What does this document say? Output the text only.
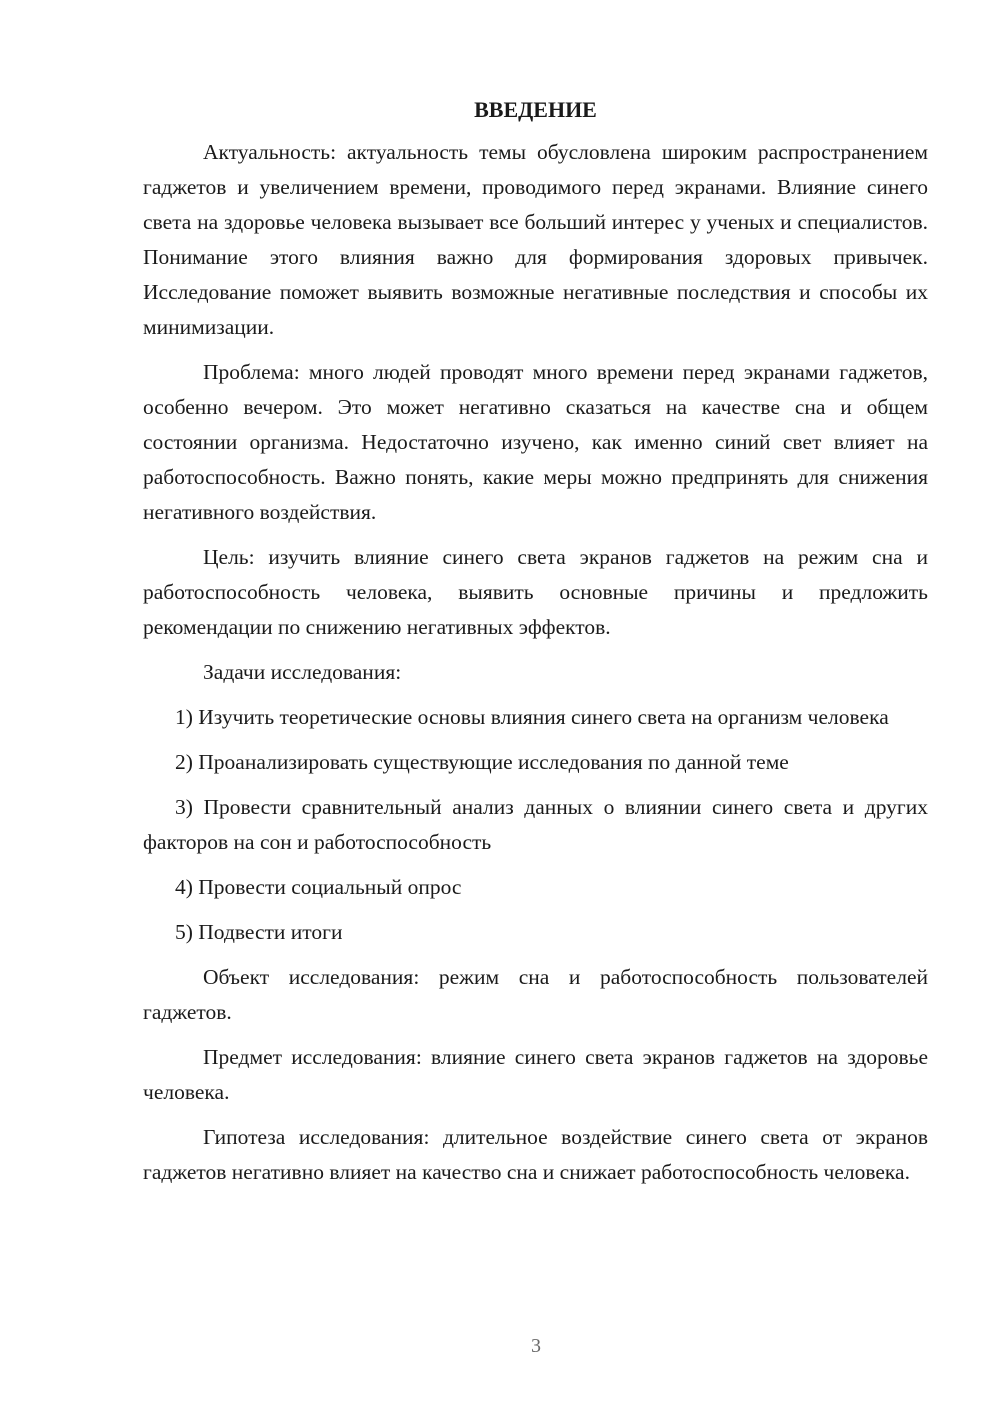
ВВЕДЕНИЕ

Актуальность: актуальность темы обусловлена широким распространением гаджетов и увеличением времени, проводимого перед экранами. Влияние синего света на здоровье человека вызывает все больший интерес у ученых и специалистов. Понимание этого влияния важно для формирования здоровых привычек. Исследование поможет выявить возможные негативные последствия и способы их минимизации.

Проблема: много людей проводят много времени перед экранами гаджетов, особенно вечером. Это может негативно сказаться на качестве сна и общем состоянии организма. Недостаточно изучено, как именно синий свет влияет на работоспособность. Важно понять, какие меры можно предпринять для снижения негативного воздействия.

Цель: изучить влияние синего света экранов гаджетов на режим сна и работоспособность человека, выявить основные причины и предложить рекомендации по снижению негативных эффектов.

Задачи исследования:

1) Изучить теоретические основы влияния синего света на организм человека

2) Проанализировать существующие исследования по данной теме

3) Провести сравнительный анализ данных о влиянии синего света и других факторов на сон и работоспособность

4) Провести социальный опрос

5) Подвести итоги

Объект исследования: режим сна и работоспособность пользователей гаджетов.

Предмет исследования: влияние синего света экранов гаджетов на здоровье человека.

Гипотеза исследования: длительное воздействие синего света от экранов гаджетов негативно влияет на качество сна и снижает работоспособность человека.

3
